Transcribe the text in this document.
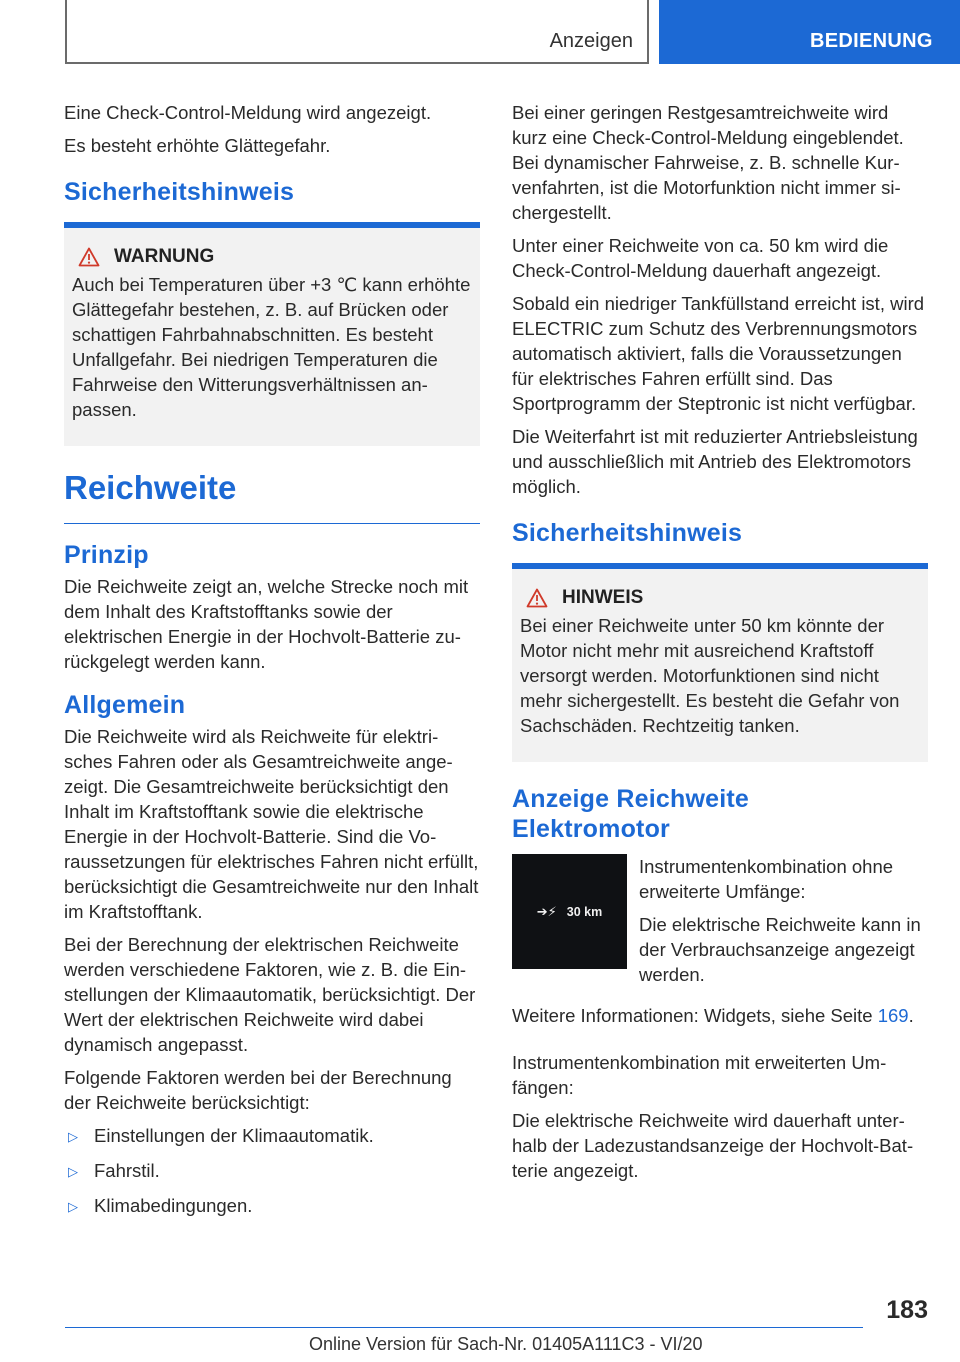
Anzeigen	BEDIENUNG

Eine Check-Control-Meldung wird angezeigt.

Es besteht erhöhte Glättegefahr.

Sicherheitshinweis
WARNUNG

Auch bei Temperaturen über +3 ℃ kann erhöhte Glättegefahr bestehen, z. B. auf Brücken oder schattigen Fahrbahnabschnitten. Es besteht Unfallgefahr. Bei niedrigen Temperaturen die Fahrweise den Witterungsverhältnissen anpassen.

Reichweite
Prinzip

Die Reichweite zeigt an, welche Strecke noch mit dem Inhalt des Kraftstofftanks sowie der elektrischen Energie in der Hochvolt-Batterie zurückgelegt werden kann.

Allgemein

Die Reichweite wird als Reichweite für elektrisches Fahren oder als Gesamtreichweite angezeigt. Die Gesamtreichweite berücksichtigt den Inhalt im Kraftstofftank sowie die elektrische Energie in der Hochvolt-Batterie. Sind die Voraussetzungen für elektrisches Fahren nicht erfüllt, berücksichtigt die Gesamtreichweite nur den Inhalt im Kraftstofftank.

Bei der Berechnung der elektrischen Reichweite werden verschiedene Faktoren, wie z. B. die Einstellungen der Klimaautomatik, berücksichtigt. Der Wert der elektrischen Reichweite wird dabei dynamisch angepasst.

Folgende Faktoren werden bei der Berechnung der Reichweite berücksichtigt:

▷ Einstellungen der Klimaautomatik.
▷ Fahrstil.
▷ Klimabedingungen.

Bei einer geringen Restgesamtreichweite wird kurz eine Check-Control-Meldung eingeblendet. Bei dynamischer Fahrweise, z. B. schnelle Kurvenfahrten, ist die Motorfunktion nicht immer sichergestellt.

Unter einer Reichweite von ca. 50 km wird die Check-Control-Meldung dauerhaft angezeigt.

Sobald ein niedriger Tankfüllstand erreicht ist, wird ELECTRIC zum Schutz des Verbrennungsmotors automatisch aktiviert, falls die Voraussetzungen für elektrisches Fahren erfüllt sind. Das Sportprogramm der Steptronic ist nicht verfügbar.

Die Weiterfahrt ist mit reduzierter Antriebsleistung und ausschließlich mit Antrieb des Elektromotors möglich.

Sicherheitshinweis
HINWEIS

Bei einer Reichweite unter 50 km könnte der Motor nicht mehr mit ausreichend Kraftstoff versorgt werden. Motorfunktionen sind nicht mehr sichergestellt. Es besteht die Gefahr von Sachschäden. Rechtzeitig tanken.

Anzeige Reichweite
Elektromotor
➔⚡ 30 km

Instrumentenkombination ohne erweiterte Umfänge:

Die elektrische Reichweite kann in der Verbrauchsanzeige angezeigt werden.

Weitere Informationen: Widgets, siehe Seite 169.

Instrumentenkombination mit erweiterten Umfängen:

Die elektrische Reichweite wird dauerhaft unterhalb der Ladezustandsanzeige der Hochvolt-Batterie angezeigt.

183
Online Version für Sach-Nr. 01405A111C3 - VI/20
